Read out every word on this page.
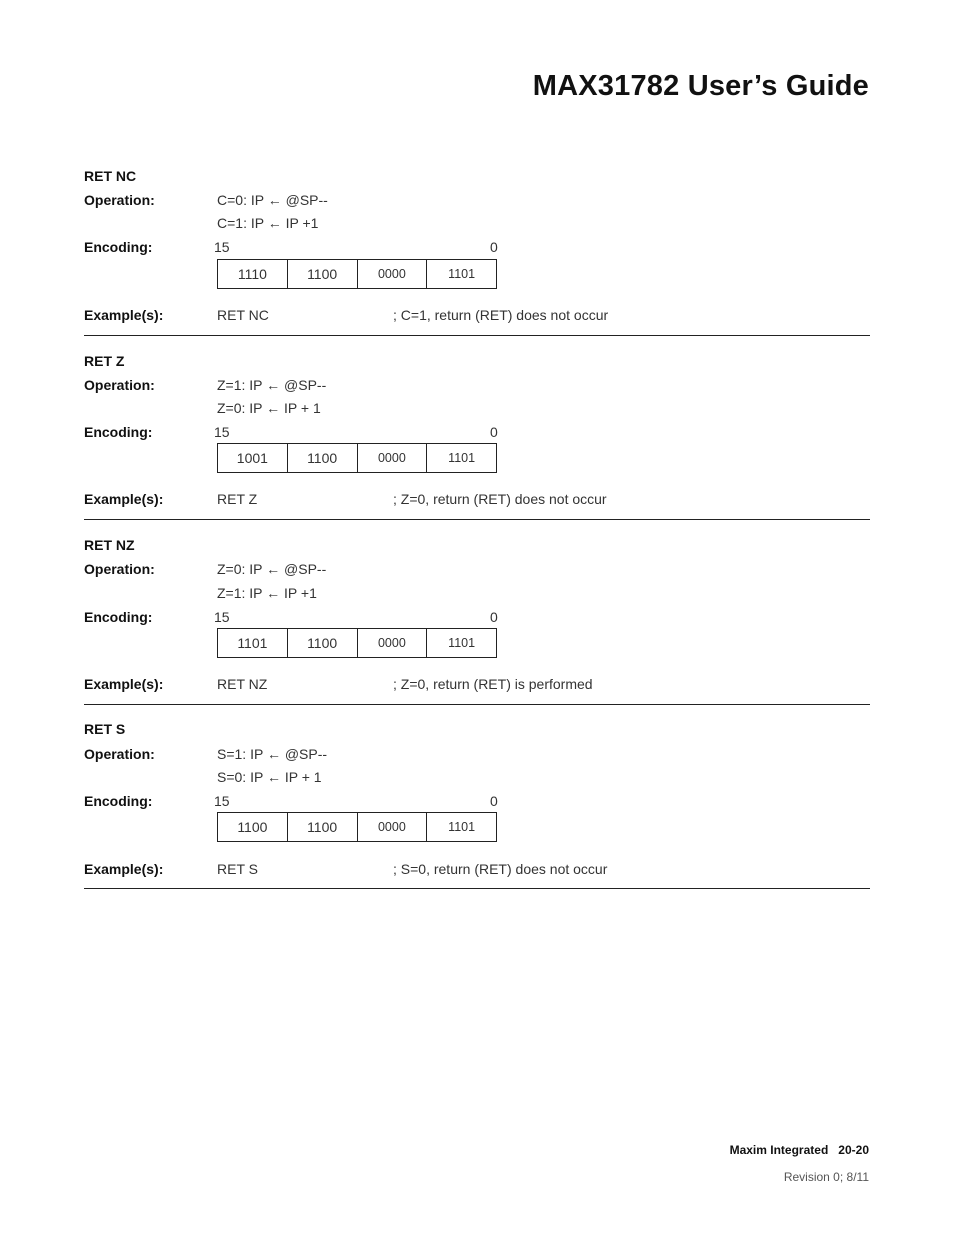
MAX31782 User’s Guide
RET NC
Operation:	C=0: IP ← @SP--
C=1: IP ← IP +1
Encoding:	15	0
1110	1100	0000	1101
Example(s):	RET NC	; C=1, return (RET) does not occur
RET Z
Operation:	Z=1: IP ← @SP--
Z=0: IP ← IP + 1
Encoding:	15	0
1001	1100	0000	1101
Example(s):	RET Z	; Z=0, return (RET) does not occur
RET NZ
Operation:	Z=0: IP ← @SP--
Z=1: IP ← IP +1
Encoding:	15	0
1101	1100	0000	1101
Example(s):	RET NZ	; Z=0, return (RET) is performed
RET S
Operation:	S=1: IP ← @SP--
S=0: IP ← IP + 1
Encoding:	15	0
1100	1100	0000	1101
Example(s):	RET S	; S=0, return (RET) does not occur

Maxim Integrated 20-20

Revision 0; 8/11
